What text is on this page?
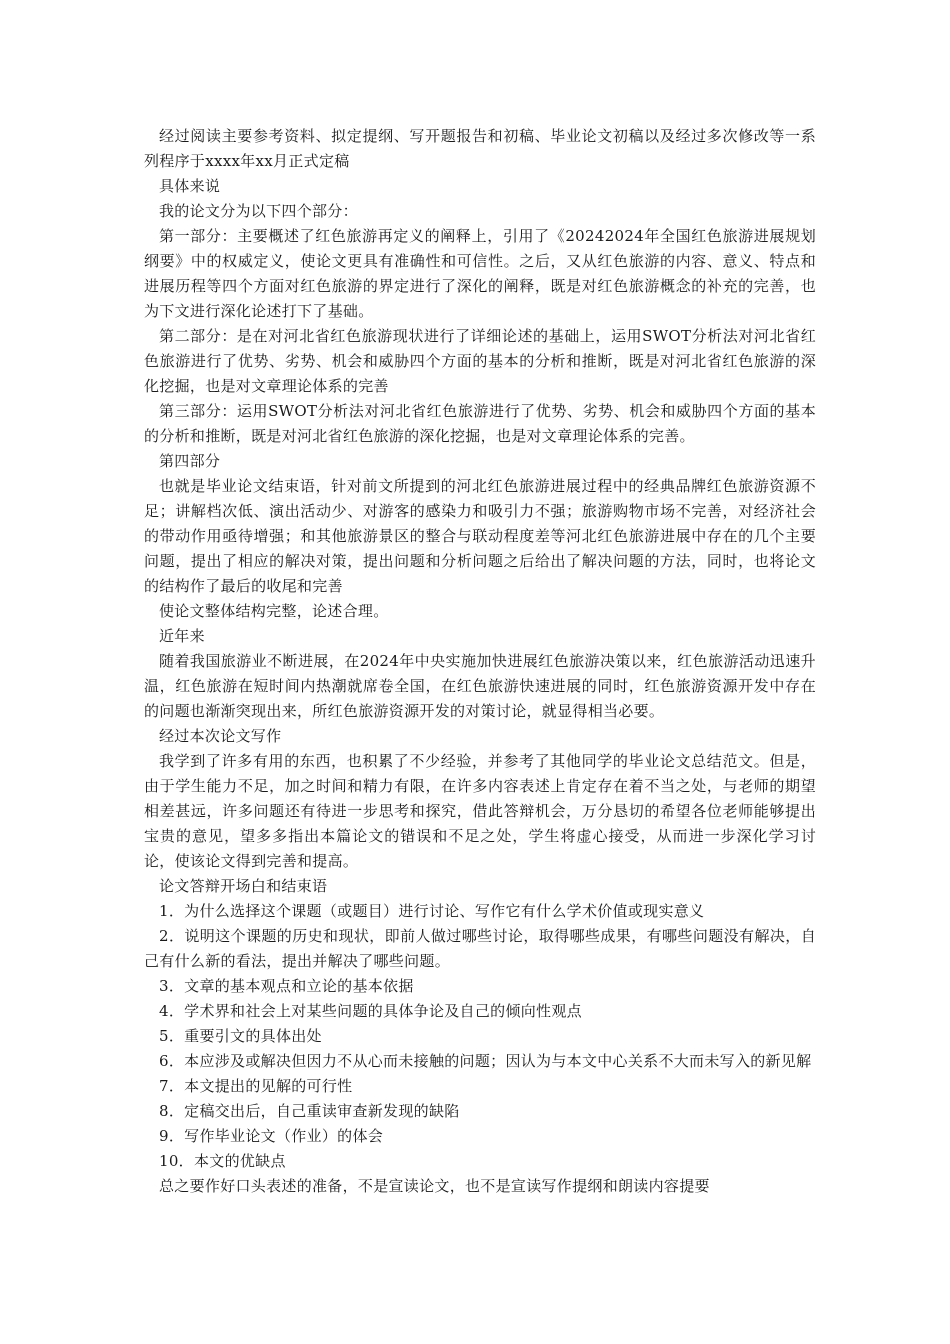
经过阅读主要参考资料、拟定提纲、写开题报告和初稿、毕业论文初稿以及经过多次修改等一系列程序于xxxx年xx月正式定稿

具体来说

我的论文分为以下四个部分：

第一部分：主要概述了红色旅游再定义的阐释上，引用了《20242024年全国红色旅游进展规划纲要》中的权威定义，使论文更具有准确性和可信性。之后，又从红色旅游的内容、意义、特点和进展历程等四个方面对红色旅游的界定进行了深化的阐释，既是对红色旅游概念的补充的完善，也为下文进行深化论述打下了基础。

第二部分：是在对河北省红色旅游现状进行了详细论述的基础上，运用SWOT分析法对河北省红色旅游进行了优势、劣势、机会和威胁四个方面的基本的分析和推断，既是对河北省红色旅游的深化挖掘，也是对文章理论体系的完善

第三部分：运用SWOT分析法对河北省红色旅游进行了优势、劣势、机会和威胁四个方面的基本的分析和推断，既是对河北省红色旅游的深化挖掘，也是对文章理论体系的完善。

第四部分

也就是毕业论文结束语，针对前文所提到的河北红色旅游进展过程中的经典品牌红色旅游资源不足；讲解档次低、演出活动少、对游客的感染力和吸引力不强；旅游购物市场不完善，对经济社会的带动作用亟待增强；和其他旅游景区的整合与联动程度差等河北红色旅游进展中存在的几个主要问题，提出了相应的解决对策，提出问题和分析问题之后给出了解决问题的方法，同时，也将论文的结构作了最后的收尾和完善

使论文整体结构完整，论述合理。

近年来

随着我国旅游业不断进展，在2024年中央实施加快进展红色旅游决策以来，红色旅游活动迅速升温，红色旅游在短时间内热潮就席卷全国，在红色旅游快速进展的同时，红色旅游资源开发中存在的问题也渐渐突现出来，所红色旅游资源开发的对策讨论，就显得相当必要。

经过本次论文写作

我学到了许多有用的东西，也积累了不少经验，并参考了其他同学的毕业论文总结范文。但是，由于学生能力不足，加之时间和精力有限，在许多内容表述上肯定存在着不当之处，与老师的期望相差甚远，许多问题还有待进一步思考和探究，借此答辩机会，万分恳切的希望各位老师能够提出宝贵的意见，望多多指出本篇论文的错误和不足之处，学生将虚心接受，从而进一步深化学习讨论，使该论文得到完善和提高。

论文答辩开场白和结束语

1．为什么选择这个课题（或题目）进行讨论、写作它有什么学术价值或现实意义

2．说明这个课题的历史和现状，即前人做过哪些讨论，取得哪些成果，有哪些问题没有解决，自己有什么新的看法，提出并解决了哪些问题。

3．文章的基本观点和立论的基本依据

4．学术界和社会上对某些问题的具体争论及自己的倾向性观点

5．重要引文的具体出处

6．本应涉及或解决但因力不从心而未接触的问题；因认为与本文中心关系不大而未写入的新见解

7．本文提出的见解的可行性

8．定稿交出后，自己重读审查新发现的缺陷

9．写作毕业论文（作业）的体会

10．本文的优缺点

总之要作好口头表述的准备，不是宣读论文，也不是宣读写作提纲和朗读内容提要
